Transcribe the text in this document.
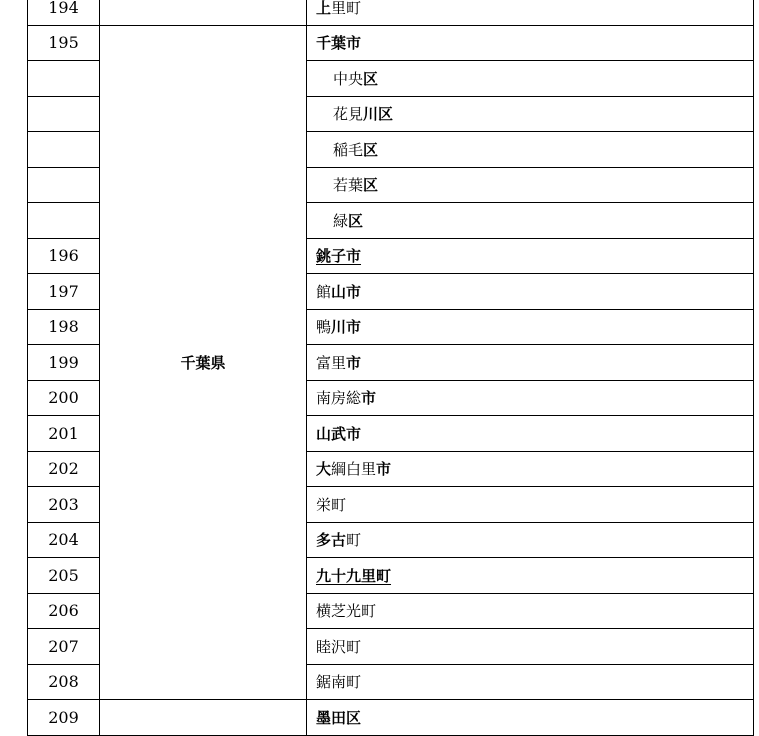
194		上里町
195	千葉県	千葉市
		中央区
		花見川区
		稲毛区
		若葉区
		緑区
196		銚子市
197		館山市
198		鴨川市
199		富里市
200		南房総市
201		山武市
202		大綱白里市
203		栄町
204		多古町
205		九十九里町
206		横芝光町
207		睦沢町
208		鋸南町
209		墨田区
